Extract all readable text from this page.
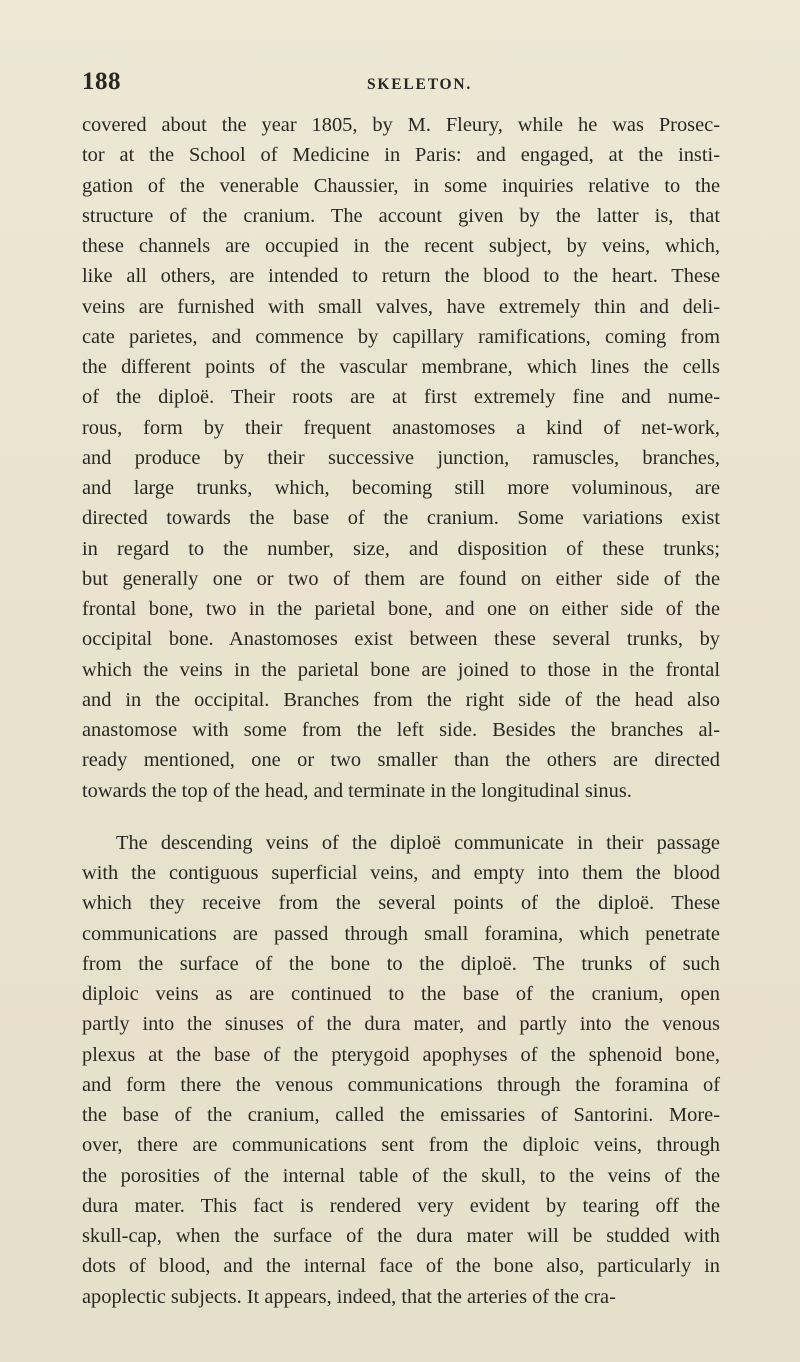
188	SKELETON.

covered about the year 1805, by M. Fleury, while he was Prosec-
tor at the School of Medicine in Paris: and engaged, at the insti-
gation of the venerable Chaussier, in some inquiries relative to the
structure of the cranium. The account given by the latter is, that
these channels are occupied in the recent subject, by veins, which,
like all others, are intended to return the blood to the heart. These
veins are furnished with small valves, have extremely thin and deli-
cate parietes, and commence by capillary ramifications, coming from
the different points of the vascular membrane, which lines the cells
of the diploë. Their roots are at first extremely fine and nume-
rous, form by their frequent anastomoses a kind of net-work,
and produce by their successive junction, ramuscles, branches,
and large trunks, which, becoming still more voluminous, are
directed towards the base of the cranium. Some variations exist
in regard to the number, size, and disposition of these trunks;
but generally one or two of them are found on either side of the
frontal bone, two in the parietal bone, and one on either side of the
occipital bone. Anastomoses exist between these several trunks, by
which the veins in the parietal bone are joined to those in the frontal
and in the occipital. Branches from the right side of the head also
anastomose with some from the left side. Besides the branches al-
ready mentioned, one or two smaller than the others are directed
towards the top of the head, and terminate in the longitudinal sinus.

The descending veins of the diploë communicate in their passage
with the contiguous superficial veins, and empty into them the blood
which they receive from the several points of the diploë. These
communications are passed through small foramina, which penetrate
from the surface of the bone to the diploë. The trunks of such
diploic veins as are continued to the base of the cranium, open
partly into the sinuses of the dura mater, and partly into the venous
plexus at the base of the pterygoid apophyses of the sphenoid bone,
and form there the venous communications through the foramina of
the base of the cranium, called the emissaries of Santorini. More-
over, there are communications sent from the diploic veins, through
the porosities of the internal table of the skull, to the veins of the
dura mater. This fact is rendered very evident by tearing off the
skull-cap, when the surface of the dura mater will be studded with
dots of blood, and the internal face of the bone also, particularly in
apoplectic subjects. It appears, indeed, that the arteries of the cra-
